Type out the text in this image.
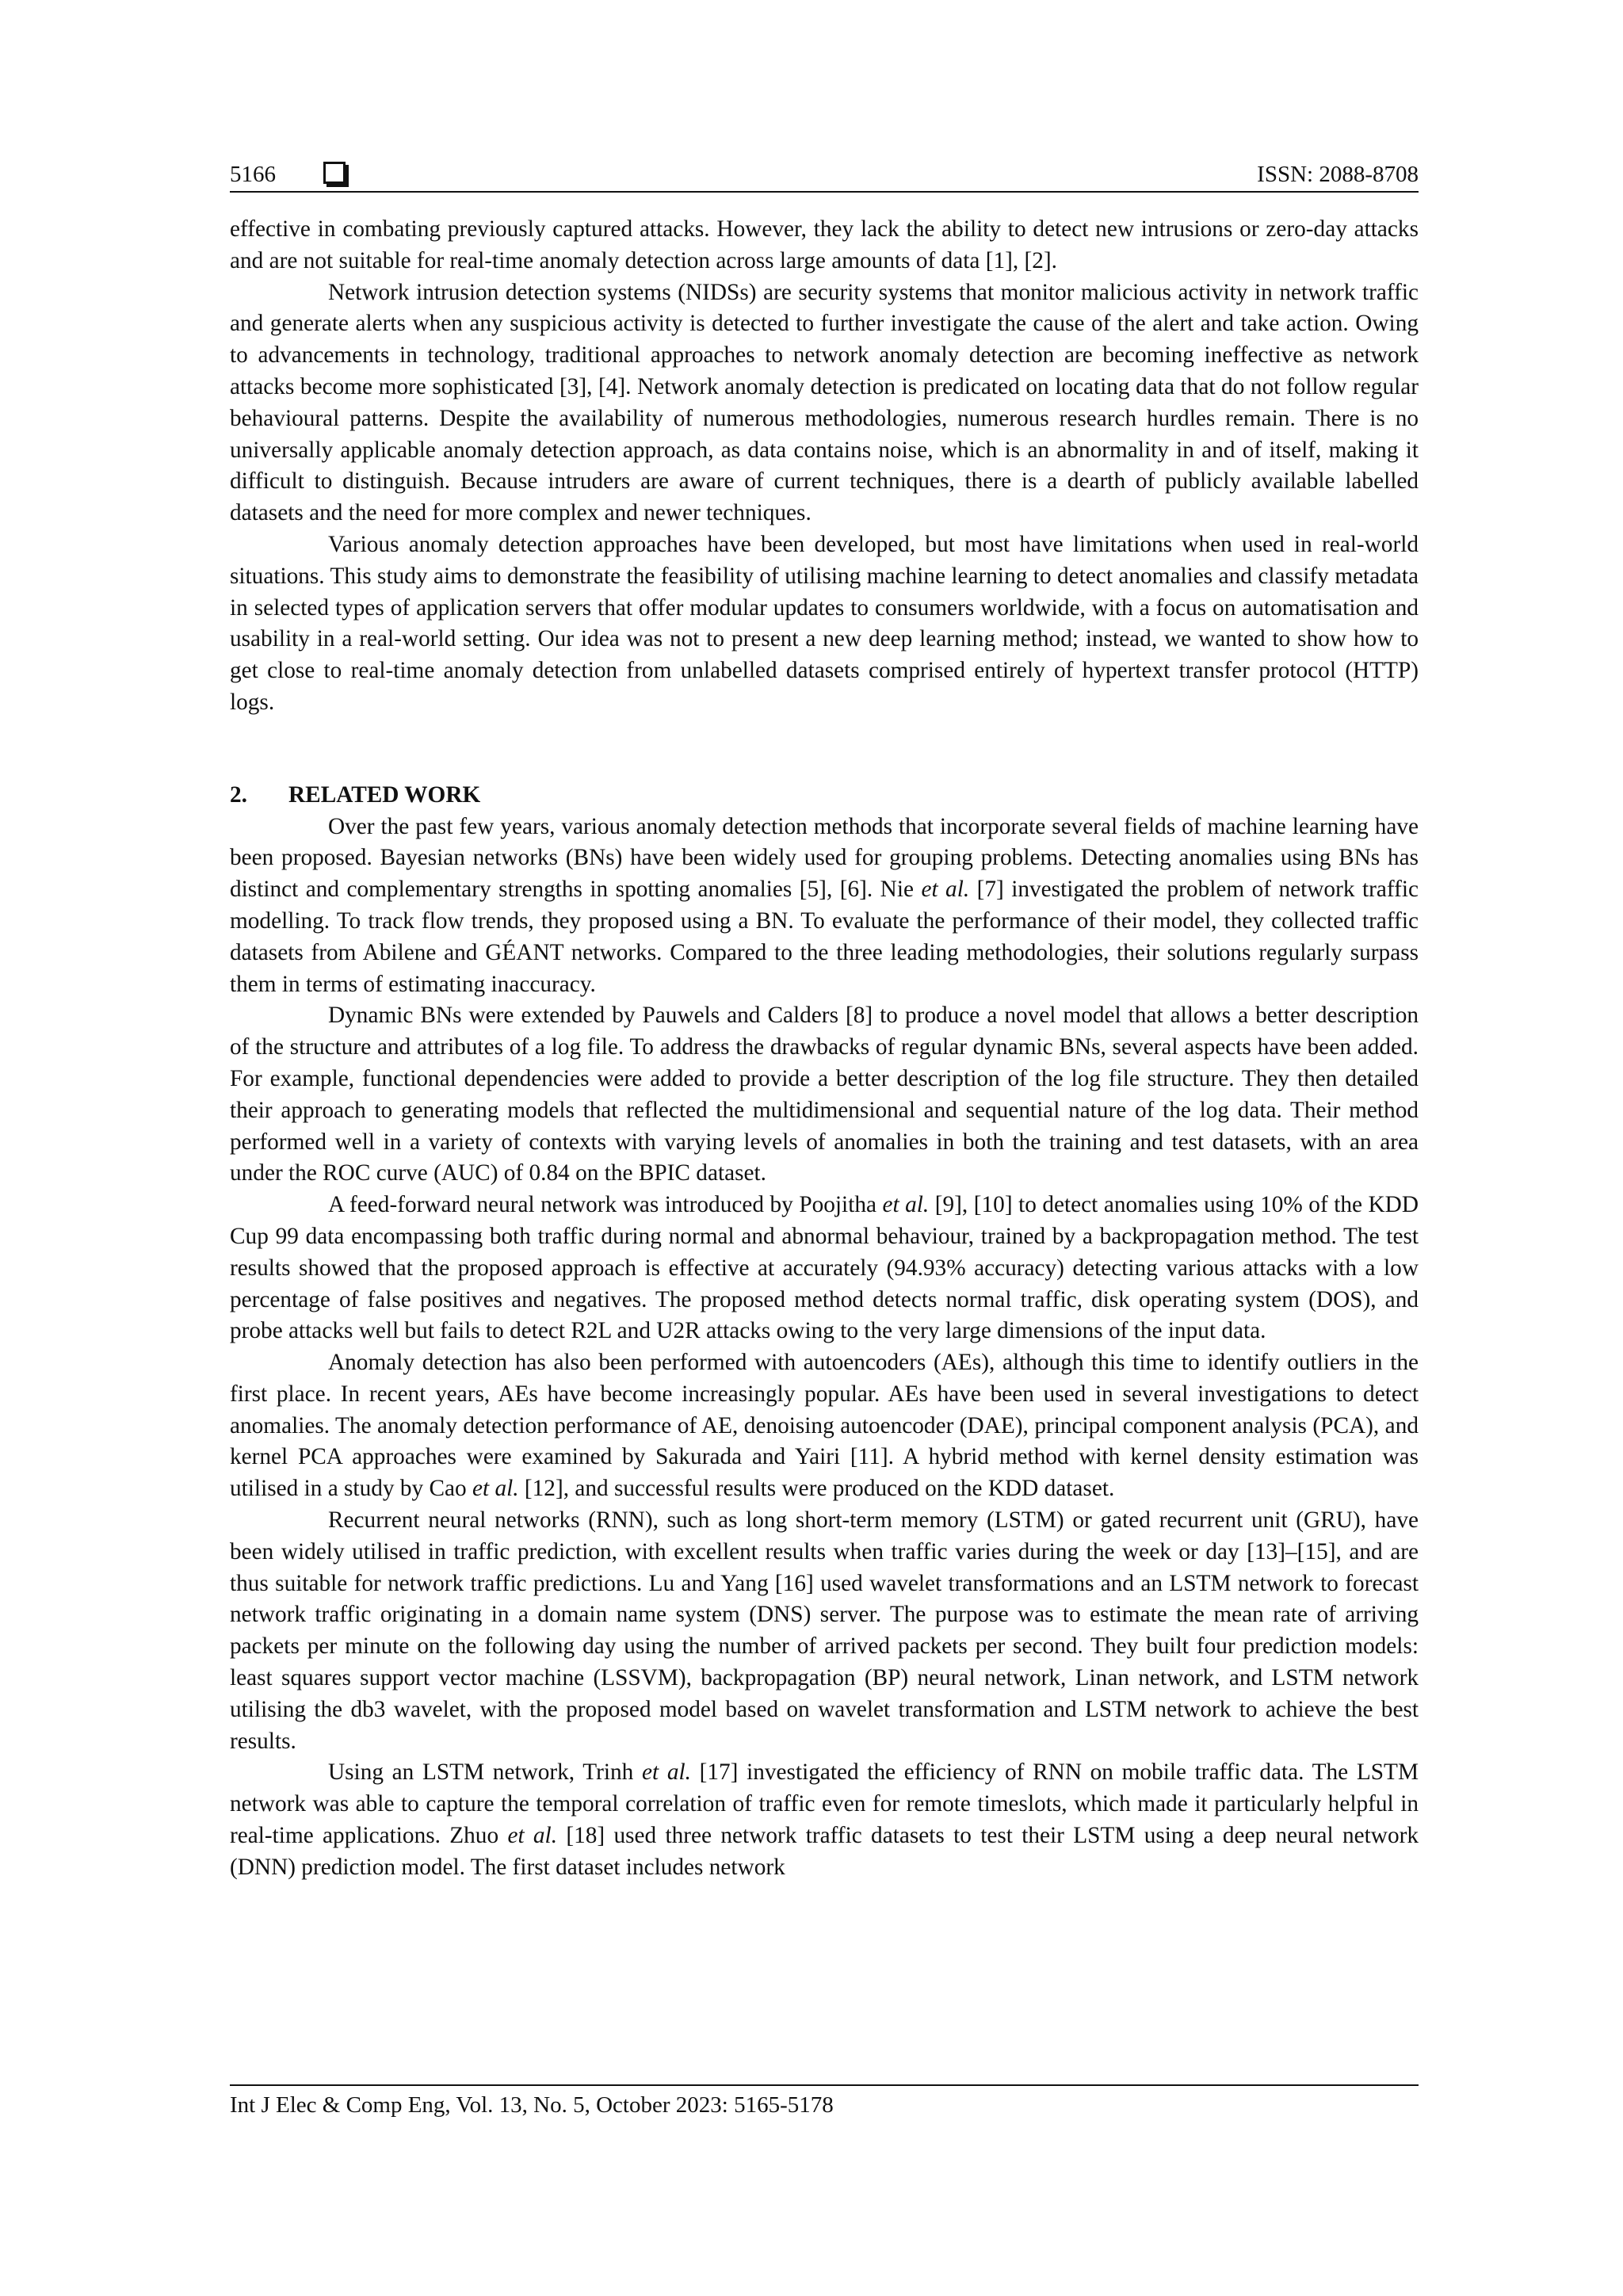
5166	ISSN: 2088-8708

effective in combating previously captured attacks. However, they lack the ability to detect new intrusions or zero-day attacks and are not suitable for real-time anomaly detection across large amounts of data [1], [2].

Network intrusion detection systems (NIDSs) are security systems that monitor malicious activity in network traffic and generate alerts when any suspicious activity is detected to further investigate the cause of the alert and take action. Owing to advancements in technology, traditional approaches to network anomaly detection are becoming ineffective as network attacks become more sophisticated [3], [4]. Network anomaly detection is predicated on locating data that do not follow regular behavioural patterns. Despite the availability of numerous methodologies, numerous research hurdles remain. There is no universally applicable anomaly detection approach, as data contains noise, which is an abnormality in and of itself, making it difficult to distinguish. Because intruders are aware of current techniques, there is a dearth of publicly available labelled datasets and the need for more complex and newer techniques.

Various anomaly detection approaches have been developed, but most have limitations when used in real-world situations. This study aims to demonstrate the feasibility of utilising machine learning to detect anomalies and classify metadata in selected types of application servers that offer modular updates to consumers worldwide, with a focus on automatisation and usability in a real-world setting. Our idea was not to present a new deep learning method; instead, we wanted to show how to get close to real-time anomaly detection from unlabelled datasets comprised entirely of hypertext transfer protocol (HTTP) logs.

2. RELATED WORK

Over the past few years, various anomaly detection methods that incorporate several fields of machine learning have been proposed. Bayesian networks (BNs) have been widely used for grouping problems. Detecting anomalies using BNs has distinct and complementary strengths in spotting anomalies [5], [6]. Nie et al. [7] investigated the problem of network traffic modelling. To track flow trends, they proposed using a BN. To evaluate the performance of their model, they collected traffic datasets from Abilene and GÉANT networks. Compared to the three leading methodologies, their solutions regularly surpass them in terms of estimating inaccuracy.

Dynamic BNs were extended by Pauwels and Calders [8] to produce a novel model that allows a better description of the structure and attributes of a log file. To address the drawbacks of regular dynamic BNs, several aspects have been added. For example, functional dependencies were added to provide a better description of the log file structure. They then detailed their approach to generating models that reflected the multidimensional and sequential nature of the log data. Their method performed well in a variety of contexts with varying levels of anomalies in both the training and test datasets, with an area under the ROC curve (AUC) of 0.84 on the BPIC dataset.

A feed-forward neural network was introduced by Poojitha et al. [9], [10] to detect anomalies using 10% of the KDD Cup 99 data encompassing both traffic during normal and abnormal behaviour, trained by a backpropagation method. The test results showed that the proposed approach is effective at accurately (94.93% accuracy) detecting various attacks with a low percentage of false positives and negatives. The proposed method detects normal traffic, disk operating system (DOS), and probe attacks well but fails to detect R2L and U2R attacks owing to the very large dimensions of the input data.

Anomaly detection has also been performed with autoencoders (AEs), although this time to identify outliers in the first place. In recent years, AEs have become increasingly popular. AEs have been used in several investigations to detect anomalies. The anomaly detection performance of AE, denoising autoencoder (DAE), principal component analysis (PCA), and kernel PCA approaches were examined by Sakurada and Yairi [11]. A hybrid method with kernel density estimation was utilised in a study by Cao et al. [12], and successful results were produced on the KDD dataset.

Recurrent neural networks (RNN), such as long short-term memory (LSTM) or gated recurrent unit (GRU), have been widely utilised in traffic prediction, with excellent results when traffic varies during the week or day [13]–[15], and are thus suitable for network traffic predictions. Lu and Yang [16] used wavelet transformations and an LSTM network to forecast network traffic originating in a domain name system (DNS) server. The purpose was to estimate the mean rate of arriving packets per minute on the following day using the number of arrived packets per second. They built four prediction models: least squares support vector machine (LSSVM), backpropagation (BP) neural network, Linan network, and LSTM network utilising the db3 wavelet, with the proposed model based on wavelet transformation and LSTM network to achieve the best results.

Using an LSTM network, Trinh et al. [17] investigated the efficiency of RNN on mobile traffic data. The LSTM network was able to capture the temporal correlation of traffic even for remote timeslots, which made it particularly helpful in real-time applications. Zhuo et al. [18] used three network traffic datasets to test their LSTM using a deep neural network (DNN) prediction model. The first dataset includes network

Int J Elec & Comp Eng, Vol. 13, No. 5, October 2023: 5165-5178
